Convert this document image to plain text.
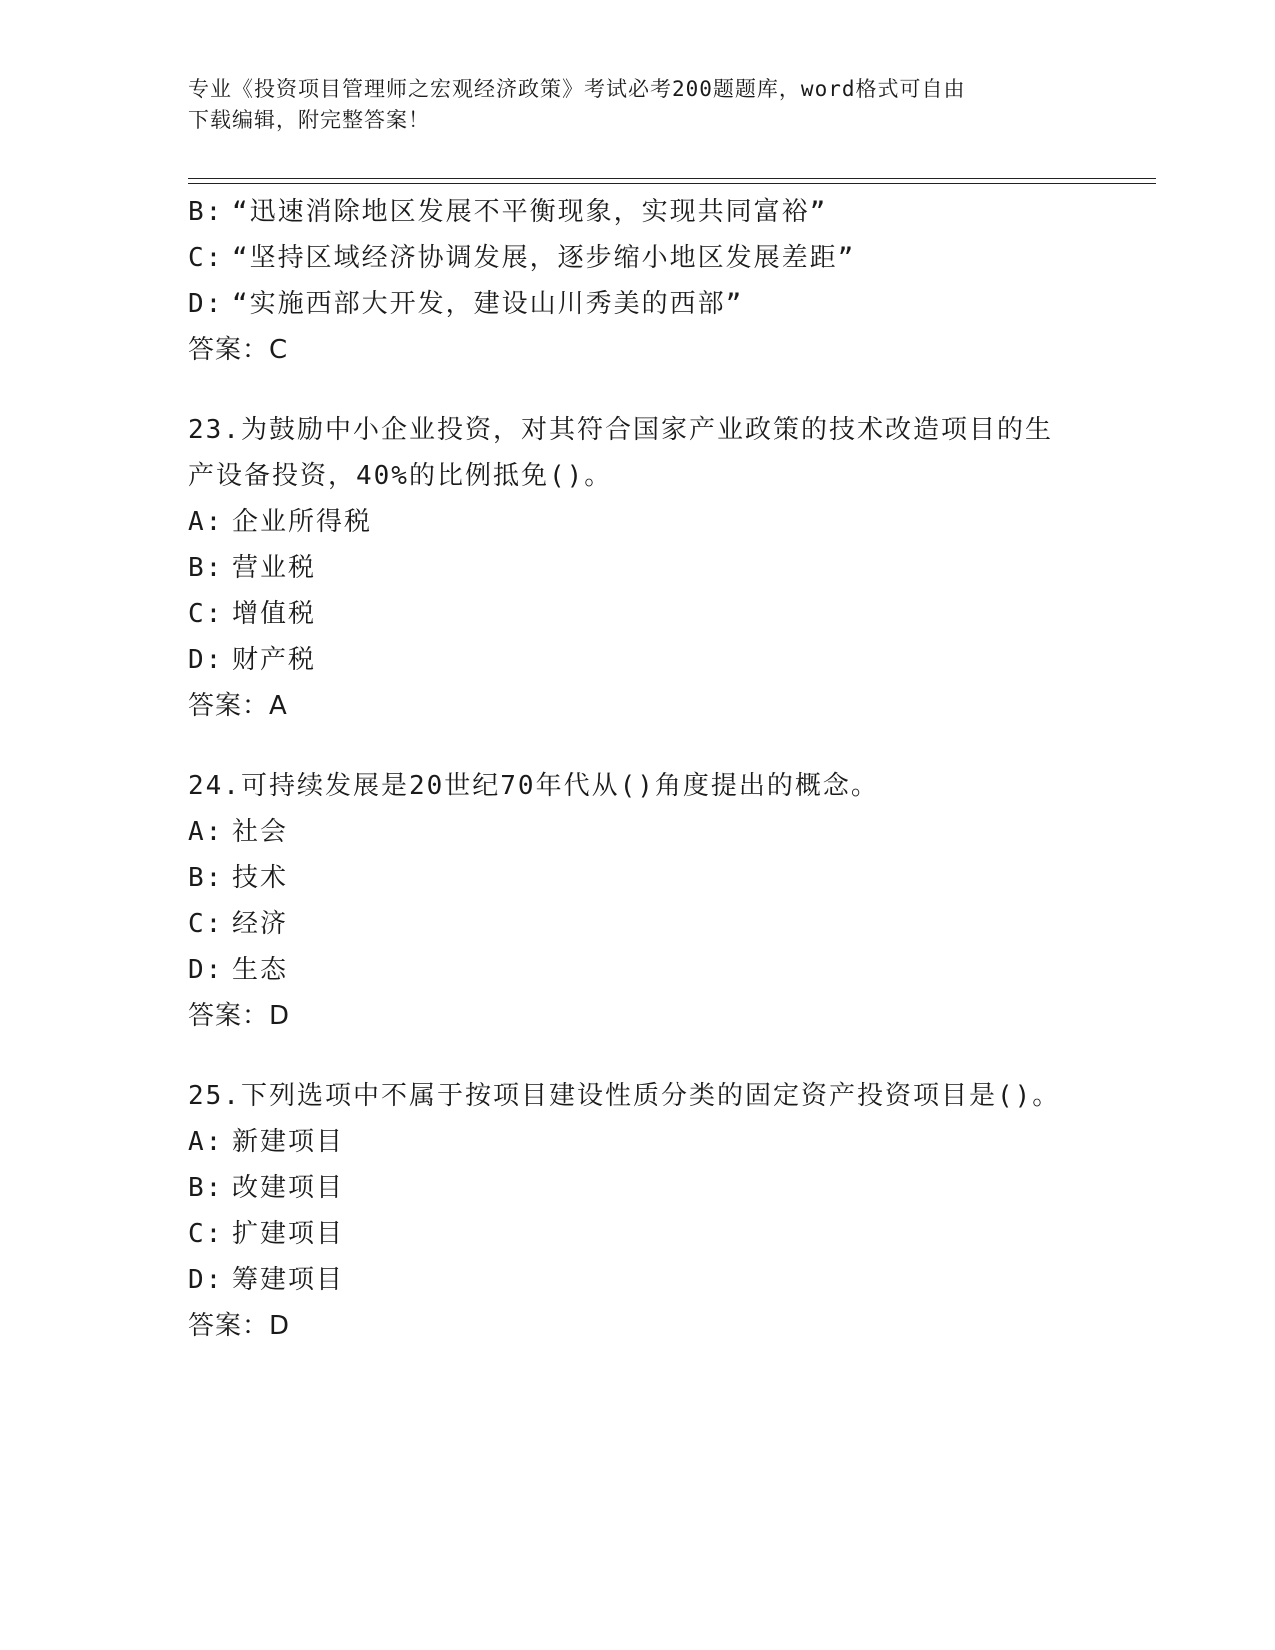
专业《投资项目管理师之宏观经济政策》考试必考200题题库，word格式可自由
下载编辑，附完整答案！
B: “迅速消除地区发展不平衡现象，实现共同富裕”
C: “坚持区域经济协调发展，逐步缩小地区发展差距”
D: “实施西部大开发，建设山川秀美的西部”
答案：C
23.为鼓励中小企业投资，对其符合国家产业政策的技术改造项目的生
产设备投资，40%的比例抵免()。
A: 企业所得税
B: 营业税
C: 增值税
D: 财产税
答案：A
24.可持续发展是20世纪70年代从()角度提出的概念。
A: 社会
B: 技术
C: 经济
D: 生态
答案：D
25.下列选项中不属于按项目建设性质分类的固定资产投资项目是()。
A: 新建项目
B: 改建项目
C: 扩建项目
D: 筹建项目
答案：D
